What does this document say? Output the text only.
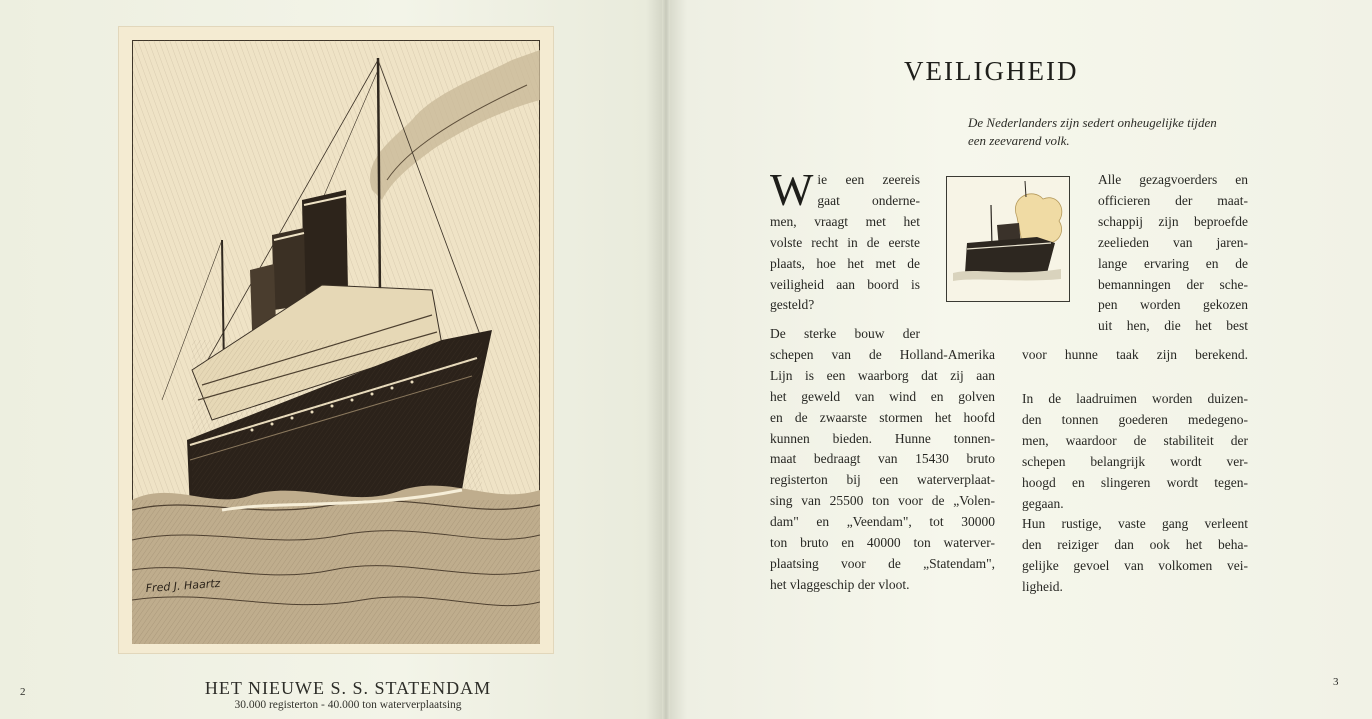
Fred J. Haartz
HET NIEUWE S. S. STATENDAM
30.000 registerton - 40.000 ton waterverplaatsing
2
VEILIGHEID
De Nederlanders zijn sedert onheugelijke tijden
een zeevarend volk.
W ie een zeereis
gaat onderne-
men, vraagt met het
volste recht in de eerste
plaats, hoe het met de
veiligheid aan boord is
gesteld?
De sterke bouw der
schepen van de Holland-Amerika
Lijn is een waarborg dat zij aan
het geweld van wind en golven
en de zwaarste stormen het hoofd
kunnen bieden. Hunne tonnen-
maat bedraagt van 15430 bruto
registerton bij een waterverplaat-
sing van 25500 ton voor de „Volen-
dam" en „Veendam", tot 30000
ton bruto en 40000 ton waterver-
plaatsing voor de „Statendam",
het vlaggeschip der vloot.
Alle gezagvoerders en
officieren der maat-
schappij zijn beproefde
zeelieden van jaren-
lange ervaring en de
bemanningen der sche-
pen worden gekozen
uit hen, die het best
voor hunne taak zijn berekend.
In de laadruimen worden duizen-
den tonnen goederen medegeno-
men, waardoor de stabiliteit der
schepen belangrijk wordt ver-
hoogd en slingeren wordt tegen-
gegaan.
Hun rustige, vaste gang verleent
den reiziger dan ook het beha-
gelijke gevoel van volkomen vei-
ligheid.
3
